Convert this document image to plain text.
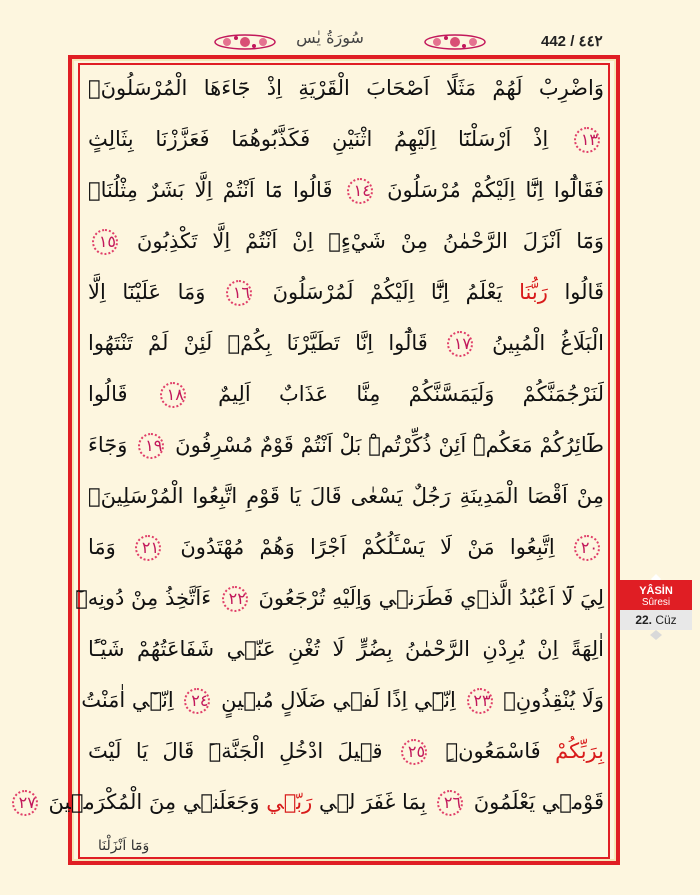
سُورَةُ يٰس	442 / ٤٤٢
وَاضْرِبْ لَهُمْ مَثَلًا اَصْحَابَ الْقَرْيَةِ اِذْ جَٓاءَهَا الْمُرْسَلُونَۚ
١٣ اِذْ اَرْسَلْنَٓا اِلَيْهِمُ اثْنَيْنِ فَكَذَّبُوهُمَا فَعَزَّزْنَا بِثَالِثٍ
فَقَالُٓوا اِنَّٓا اِلَيْكُمْ مُرْسَلُونَ ١٤ قَالُوا مَٓا اَنْتُمْ اِلَّا بَشَرٌ مِثْلُنَاۙ
وَمَٓا اَنْزَلَ الرَّحْمٰنُ مِنْ شَيْءٍۙ اِنْ اَنْتُمْ اِلَّا تَكْذِبُونَ ١٥
قَالُوا رَبُّنَا يَعْلَمُ اِنَّٓا اِلَيْكُمْ لَمُرْسَلُونَ ١٦ وَمَا عَلَيْنَٓا اِلَّا
الْبَلَاغُ الْمُبِينُ ١٧ قَالُٓوا اِنَّا تَطَيَّرْنَا بِكُمْۚ لَئِنْ لَمْ تَنْتَهُوا
لَنَرْجُمَنَّكُمْ وَلَيَمَسَّنَّكُمْ مِنَّا عَذَابٌ اَلِيمٌ ١٨ قَالُوا
طَٓائِرُكُمْ مَعَكُمْۜ اَئِنْ ذُكِّرْتُمْۜ بَلْ اَنْتُمْ قَوْمٌ مُسْرِفُونَ ١٩ وَجَٓاءَ
مِنْ اَقْصَا الْمَدِينَةِ رَجُلٌ يَسْعٰى قَالَ يَا قَوْمِ اتَّبِعُوا الْمُرْسَلِينَۙ
٢٠ اِتَّبِعُوا مَنْ لَا يَسْـَٔلُكُمْ اَجْرًا وَهُمْ مُهْتَدُونَ ٢١ وَمَا
لِيَ لَٓا اَعْبُدُ الَّذ۪ي فَطَرَن۪ي وَاِلَيْهِ تُرْجَعُونَ ٢٢ ءَاَتَّخِذُ مِنْ دُونِه۪ٓ
اٰلِهَةً اِنْ يُرِدْنِ الرَّحْمٰنُ بِضُرٍّ لَا تُغْنِ عَنّ۪ي شَفَاعَتُهُمْ شَيْـًٔا
وَلَا يُنْقِذُونِۚ ٢٣ اِنّ۪ٓي اِذًا لَف۪ي ضَلَالٍ مُب۪ينٍ ٢٤ اِنّ۪ٓي اٰمَنْتُ
بِرَبِّكُمْ فَاسْمَعُونِۜ ٢٥ ق۪يلَ ادْخُلِ الْجَنَّةَۜ قَالَ يَا لَيْتَ
قَوْم۪ي يَعْلَمُونَ ٢٦ بِمَا غَفَرَ ل۪ي رَبّ۪ي وَجَعَلَن۪ي مِنَ الْمُكْرَم۪ينَ ٢٧
وَمَٓا اَنْزَلْنَا
YÂSİN
Sûresi
22. Cüz
